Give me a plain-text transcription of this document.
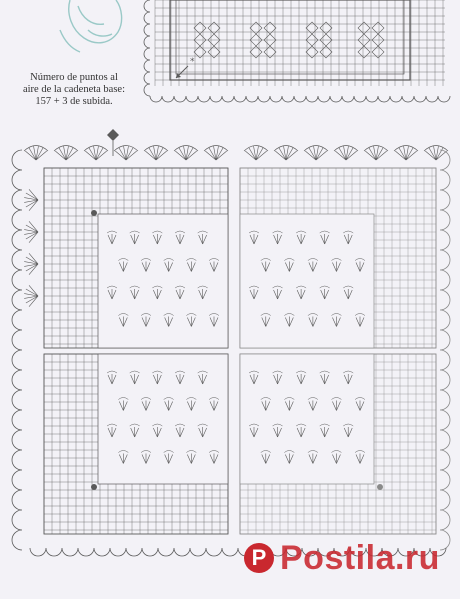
*
Número de puntos al
aire de la cadeneta base:
157 + 3 de subida.
P Postila.ru
